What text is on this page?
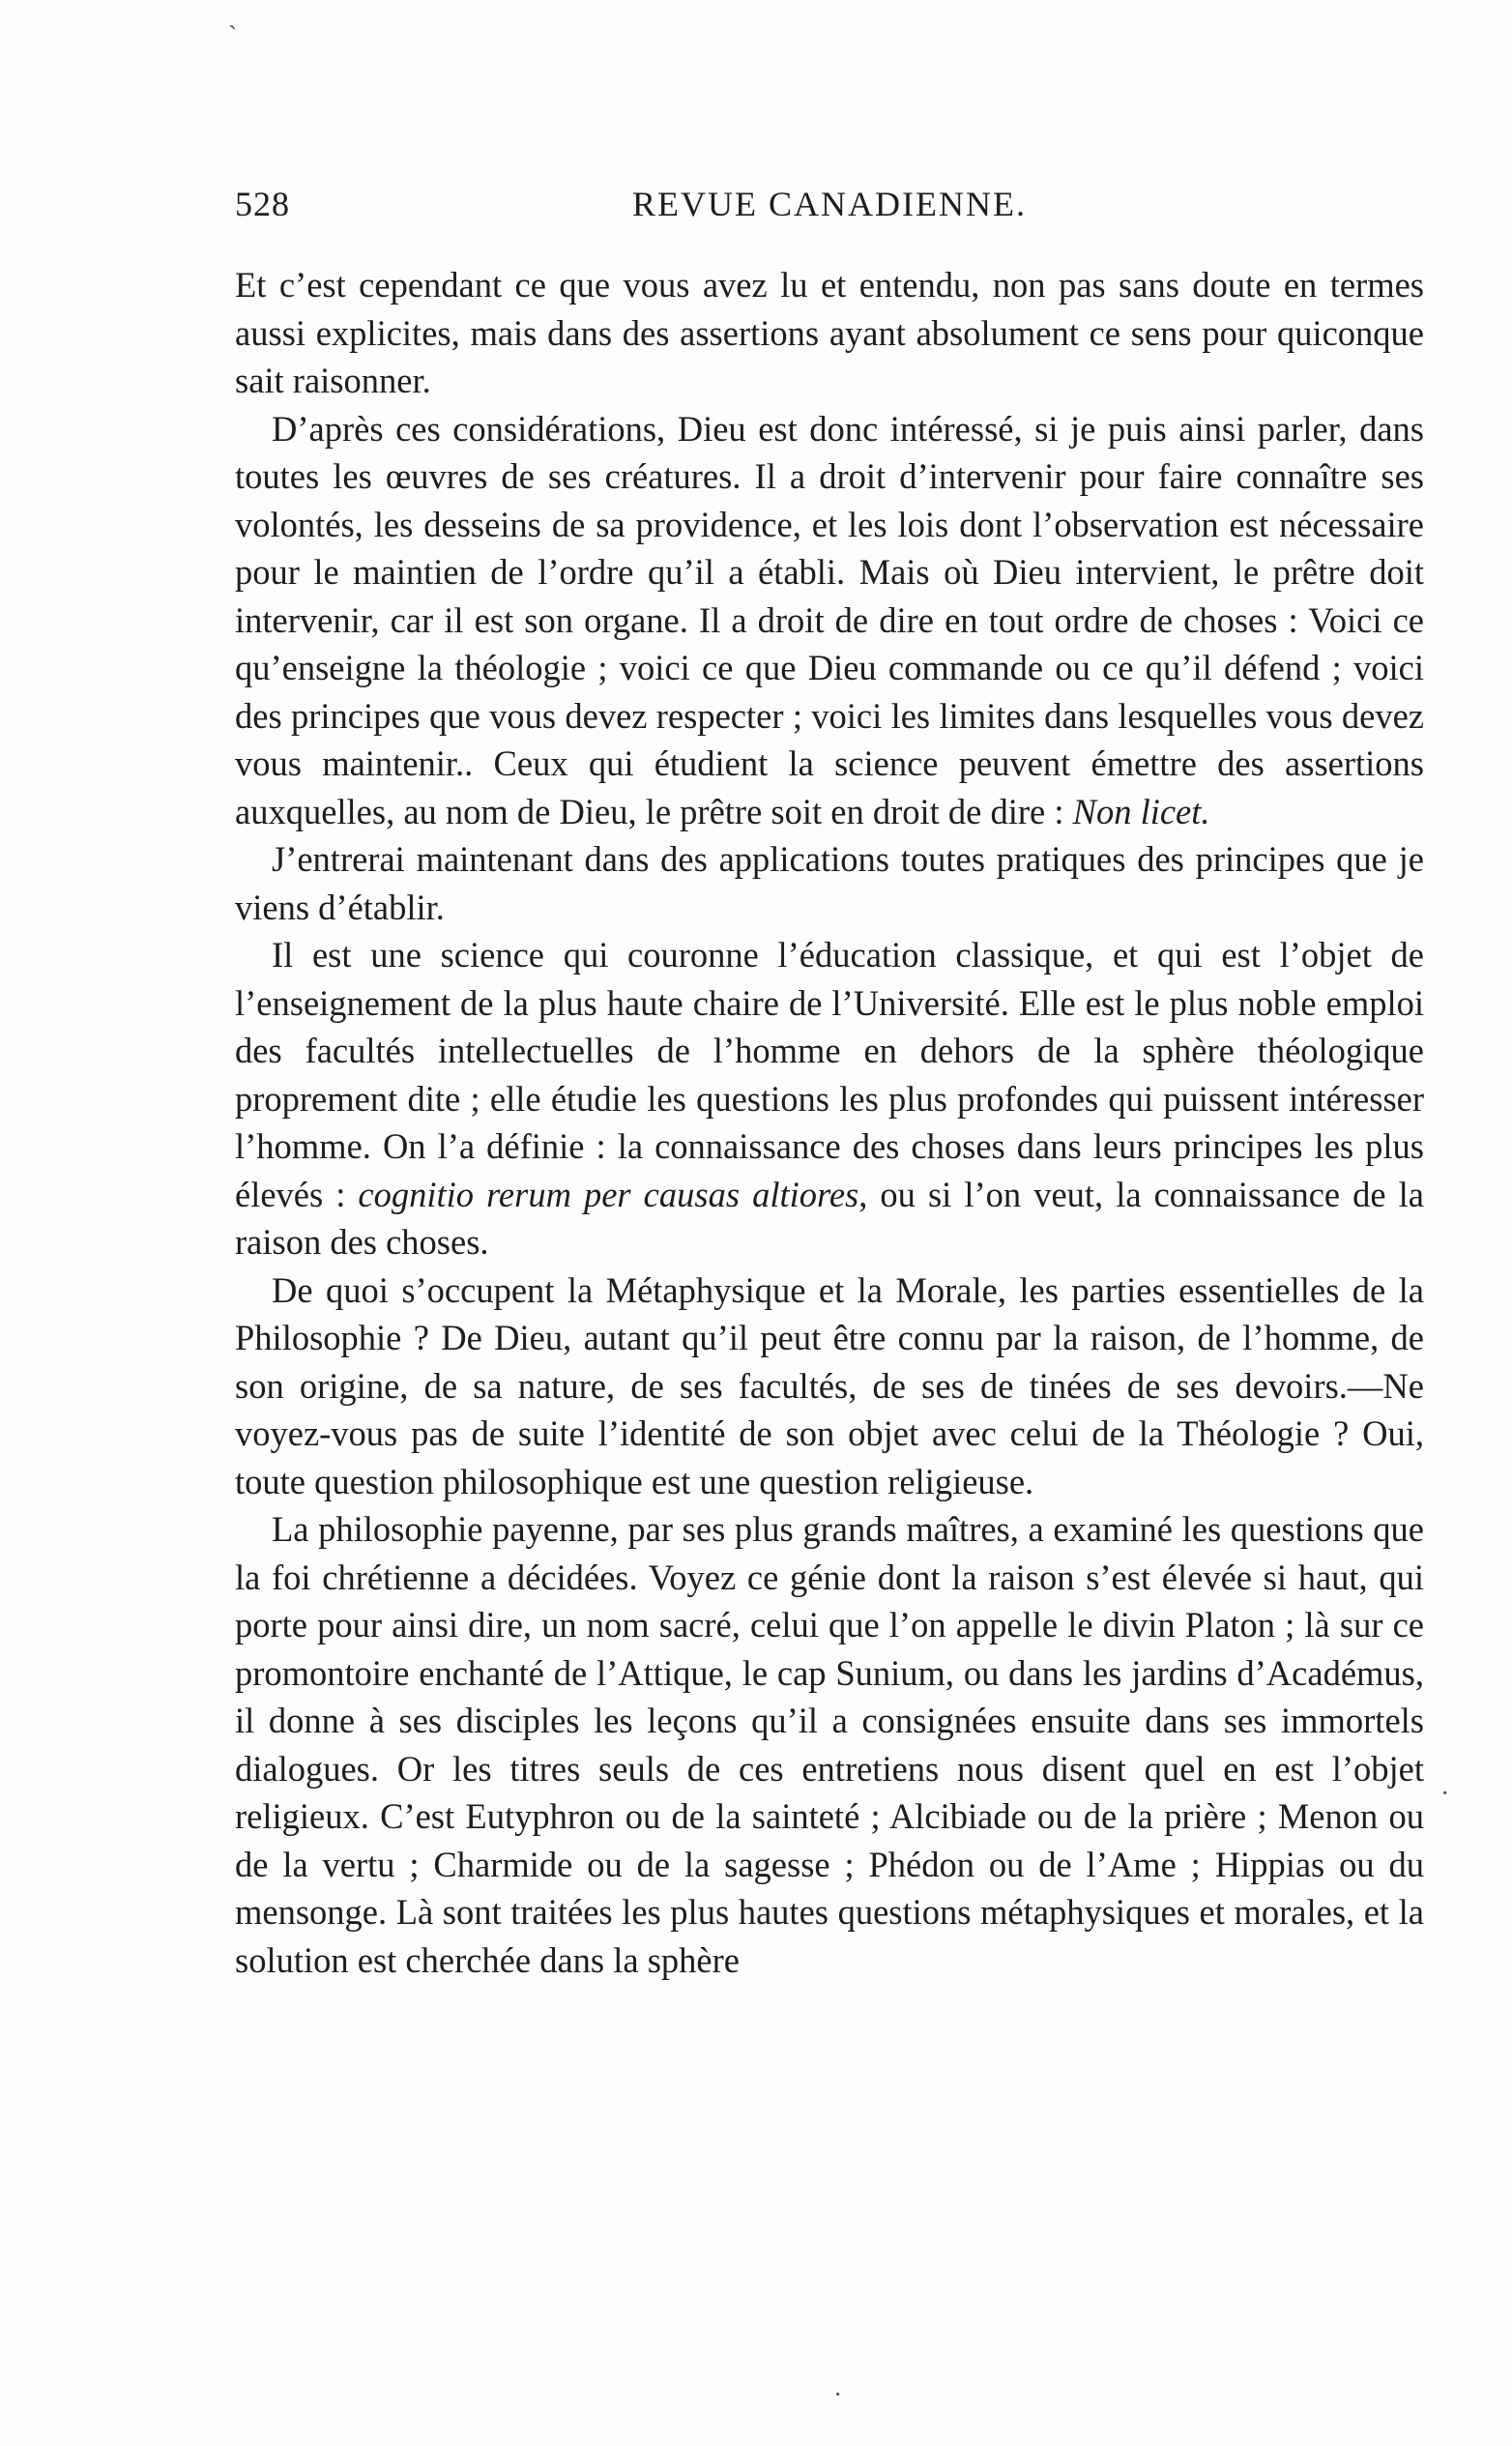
ˋ
·
·
528	REVUE CANADIENNE.

Et c’est cependant ce que vous avez lu et entendu, non pas sans doute en termes aussi explicites, mais dans des assertions ayant absolument ce sens pour quiconque sait raisonner.

D’après ces considérations, Dieu est donc intéressé, si je puis ainsi parler, dans toutes les œuvres de ses créatures. Il a droit d’intervenir pour faire connaître ses volontés, les desseins de sa providence, et les lois dont l’observation est nécessaire pour le maintien de l’ordre qu’il a établi. Mais où Dieu intervient, le prêtre doit intervenir, car il est son organe. Il a droit de dire en tout ordre de choses : Voici ce qu’enseigne la théologie ; voici ce que Dieu commande ou ce qu’il défend ; voici des principes que vous devez respecter ; voici les limites dans lesquelles vous devez vous maintenir.. Ceux qui étudient la science peuvent émettre des assertions auxquelles, au nom de Dieu, le prêtre soit en droit de dire : Non licet.

J’entrerai maintenant dans des applications toutes pratiques des principes que je viens d’établir.

Il est une science qui couronne l’éducation classique, et qui est l’objet de l’enseignement de la plus haute chaire de l’Université. Elle est le plus noble emploi des facultés intellectuelles de l’homme en dehors de la sphère théologique proprement dite ; elle étudie les questions les plus profondes qui puissent intéresser l’homme. On l’a définie : la connaissance des choses dans leurs principes les plus élevés : cognitio rerum per causas altiores, ou si l’on veut, la connaissance de la raison des choses.

De quoi s’occupent la Métaphysique et la Morale, les parties essentielles de la Philosophie ? De Dieu, autant qu’il peut être connu par la raison, de l’homme, de son origine, de sa nature, de ses facultés, de ses de tinées de ses devoirs.—Ne voyez-vous pas de suite l’identité de son objet avec celui de la Théologie ? Oui, toute question philosophique est une question religieuse.

La philosophie payenne, par ses plus grands maîtres, a examiné les questions que la foi chrétienne a décidées. Voyez ce génie dont la raison s’est élevée si haut, qui porte pour ainsi dire, un nom sacré, celui que l’on appelle le divin Platon ; là sur ce promontoire enchanté de l’Attique, le cap Sunium, ou dans les jardins d’Académus, il donne à ses disciples les leçons qu’il a consignées ensuite dans ses immortels dialogues. Or les titres seuls de ces entretiens nous disent quel en est l’objet religieux. C’est Eutyphron ou de la sainteté ; Alcibiade ou de la prière ; Menon ou de la vertu ; Charmide ou de la sagesse ; Phédon ou de l’Ame ; Hippias ou du mensonge. Là sont traitées les plus hautes questions métaphysiques et morales, et la solution est cherchée dans la sphère
